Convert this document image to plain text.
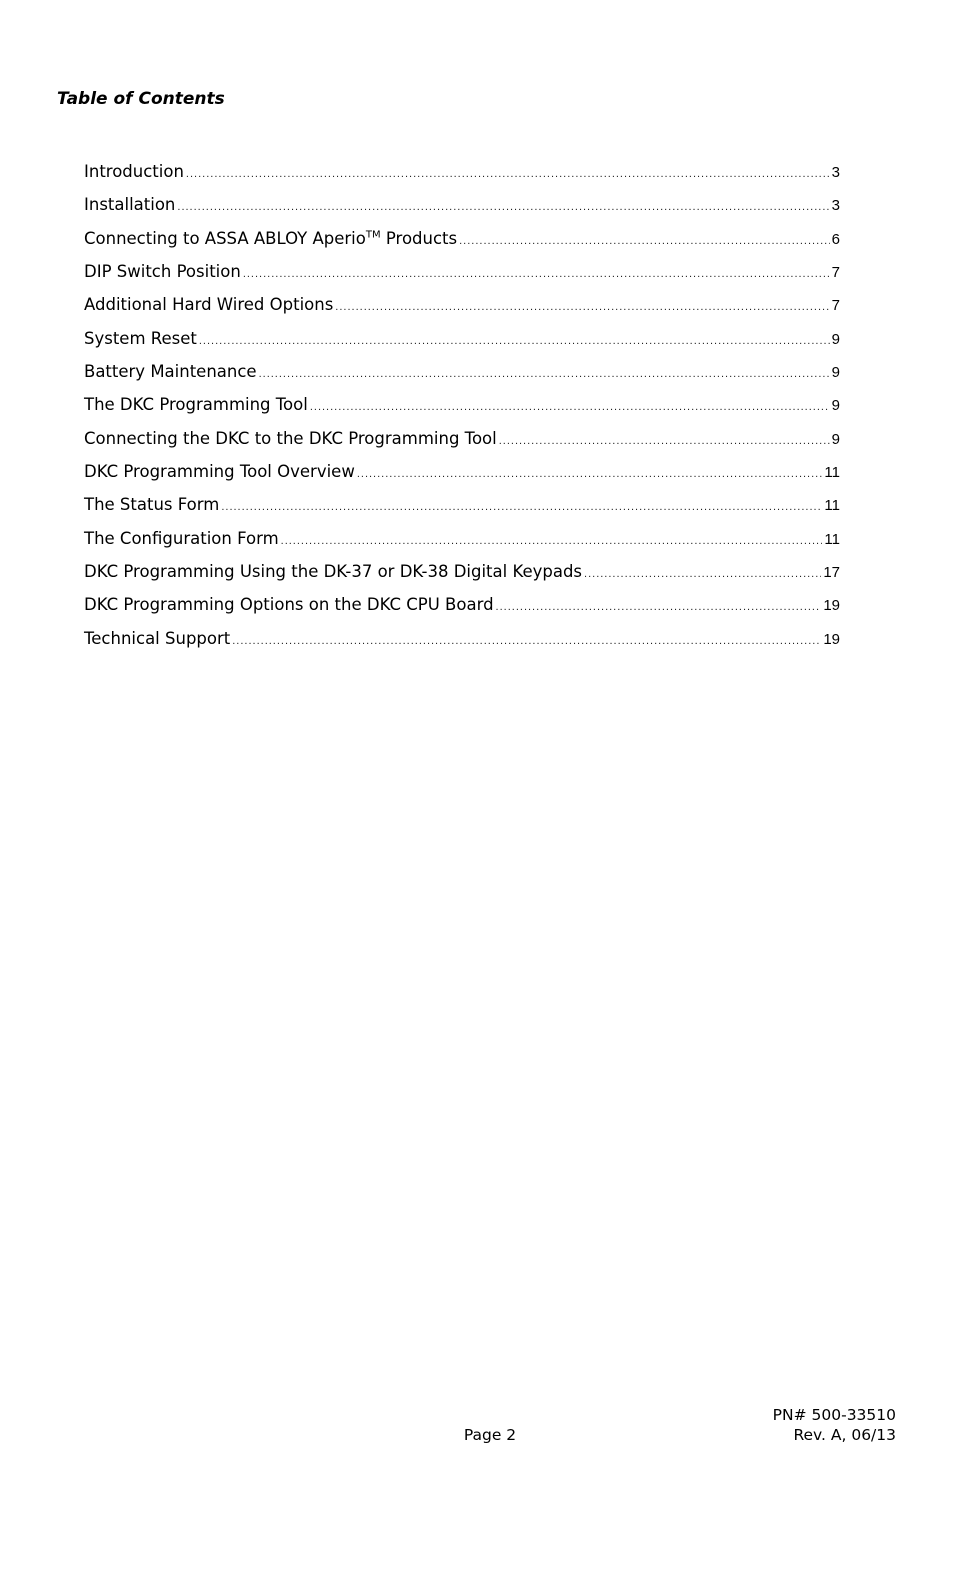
Table of Contents
Introduction .....	3
Installation .....	3
Connecting to ASSA ABLOY Aperio™ Products .....	6
DIP Switch Position .....	7
Additional Hard Wired Options .....	7
System Reset .....	9
Battery Maintenance .....	9
The DKC Programming Tool .....	9
Connecting the DKC to the DKC Programming Tool .....	9
DKC Programming Tool Overview .....	11
The Status Form .....	11
The Configuration Form .....	11
DKC Programming Using the DK-37 or DK-38 Digital Keypads .....	17
DKC Programming Options on the DKC CPU Board .....	19
Technical Support .....	19
Page 2
PN# 500-33510
Rev. A, 06/13
